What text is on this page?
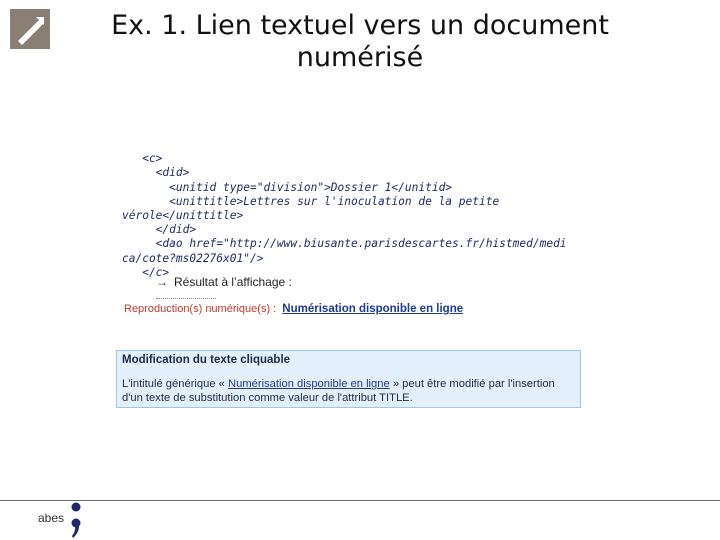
Ex. 1. Lien textuel vers un document
numérisé

<c>
<did>
<unitid type="division">Dossier 1</unitid>
<unittitle>Lettres sur l'inoculation de la petite
vérole</unittitle>
</did>
<dao href="http://www.biusante.parisdescartes.fr/histmed/medi
ca/cote?ms02276x01"/>
</c>

→ Résultat à l’affichage :
Reproduction(s) numérique(s) : Numérisation disponible en ligne
Modification du texte cliquable
L'intitulé générique « Numérisation disponible en ligne » peut être modifié par l'insertion d'un texte de substitution comme valeur de l'attribut TITLE.
abes
